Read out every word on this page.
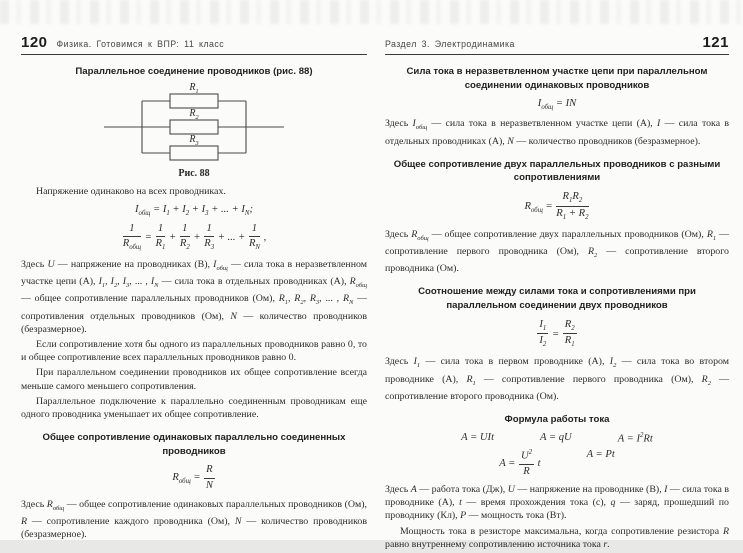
120 Физика. Готовимся к ВПР: 11 класс
Параллельное соединение проводников (рис. 88)
$R_1$
$R_2$
$R_3$
Рис. 88

Напряжение одинаково на всех проводниках.

$I_{общ} = I_1 + I_2 + I_3$ + ... + $I_N$;
$\frac{1}{R_{общ}} = \frac{1}{R_1} + \frac{1}{R_2} + \frac{1}{R_3}$ + ... + $\frac{1}{R_N}$ ,

Здесь U — напряжение на проводниках (В), $I_{общ}$ — сила тока в неразветвленном участке цепи (А), $I_1$, $I_2$, $I_3$, ... , $I_N$ — сила тока в отдельных проводниках (А), $R_{общ}$ — общее сопротивление параллельных проводников (Ом), $R_1$, $R_2$, $R_3$, ... , $R_N$ — сопротивления отдельных проводников (Ом), N — количество проводников (безразмерное).

Если сопротивление хотя бы одного из параллельных проводников равно 0, то и общее сопротивление всех параллельных проводников равно 0.

При параллельном соединении проводников их общее сопротивление всегда меньше самого меньшего сопротивления.

Параллельное подключение к параллельно соединенным проводникам еще одного проводника уменьшает их общее сопротивление.

Общее сопротивление одинаковых параллельно соединенных проводников
$R_{общ} = \frac{R}{N}$

Здесь $R_{общ}$ — общее сопротивление одинаковых параллельных проводников (Ом), R — сопротивление каждого проводника (Ом), N — количество проводников (безразмерное).

Раздел 3. Электродинамика	121
Сила тока в неразветвленном участке цепи при параллельном соединении одинаковых проводников
$I_{общ}$ = IN

Здесь $I_{общ}$ — сила тока в неразветвленном участке цепи (А), I — сила тока в отдельных проводниках (А), N — количество проводников (безразмерное).

Общее сопротивление двух параллельных проводников с разными сопротивлениями
$R_{общ} = \frac{R_1R_2}{R_1 + R_2}$

Здесь $R_{общ}$ — общее сопротивление двух параллельных проводников (Ом), $R_1$ — сопротивление первого проводника (Ом), $R_2$ — сопротивление второго проводника (Ом).

Соотношение между силами тока и сопротивлениями при параллельном соединении двух проводников
$\frac{I_1}{I_2} = \frac{R_2}{R_1}$

Здесь $I_1$ — сила тока в первом проводнике (А), $I_2$ — сила тока во втором проводнике (А), $R_1$ — сопротивление первого проводника (Ом), $R_2$ — сопротивление второго проводника (Ом).

Формула работы тока
A = UIt	A = qU	$A = I^2Rt$
$A = \frac{U^2}{R}$ t
A = Pt

Здесь A — работа тока (Дж), U — напряжение на проводнике (В), I — сила тока в проводнике (А), t — время прохождения тока (с), q — заряд, прошедший по проводнику (Кл), P — мощность тока (Вт).

Мощность тока в резисторе максимальна, когда сопротивление резистора R равно внутреннему сопротивлению источника тока r.
